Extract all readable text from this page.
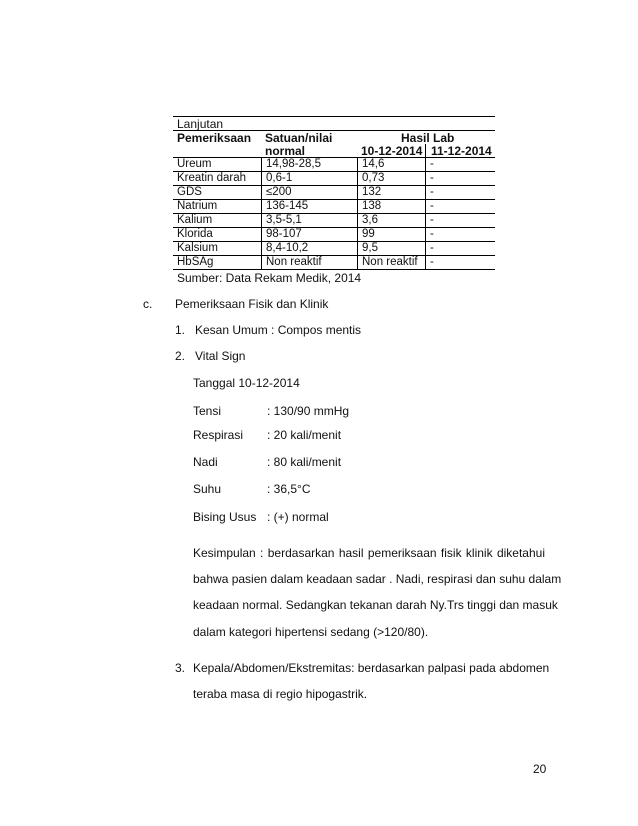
Lanjutan
Pemeriksaan Satuan/nilai
normal
Hasil Lab
10-12-2014 11-12-2014
Ureum	14,98-28,5	14,6	-
Kreatin darah	0,6-1	0,73	-
GDS	≤200	132	-
Natrium	136-145	138	-
Kalium	3,5-5,1	3,6	-
Klorida	98-107	99	-
Kalsium	8,4-10,2	9,5	-
HbSAg	Non reaktif	Non reaktif	-
Sumber: Data Rekam Medik, 2014
c. Pemeriksaan Fisik dan Klinik
1. Kesan Umum : Compos mentis
2. Vital Sign
Tanggal 10-12-2014
Tensi	: 130/90 mmHg
Respirasi : 20 kali/menit
Nadi	: 80 kali/menit
Suhu	: 36,5°C
Bising Usus : (+) normal
Kesimpulan : berdasarkan hasil pemeriksaan fisik klinik diketahui
bahwa pasien dalam keadaan sadar . Nadi, respirasi dan suhu dalam
keadaan normal. Sedangkan tekanan darah Ny.Trs tinggi dan masuk
dalam kategori hipertensi sedang (>120/80).
3. Kepala/Abdomen/Ekstremitas: berdasarkan palpasi pada abdomen
teraba masa di regio hipogastrik.
20
